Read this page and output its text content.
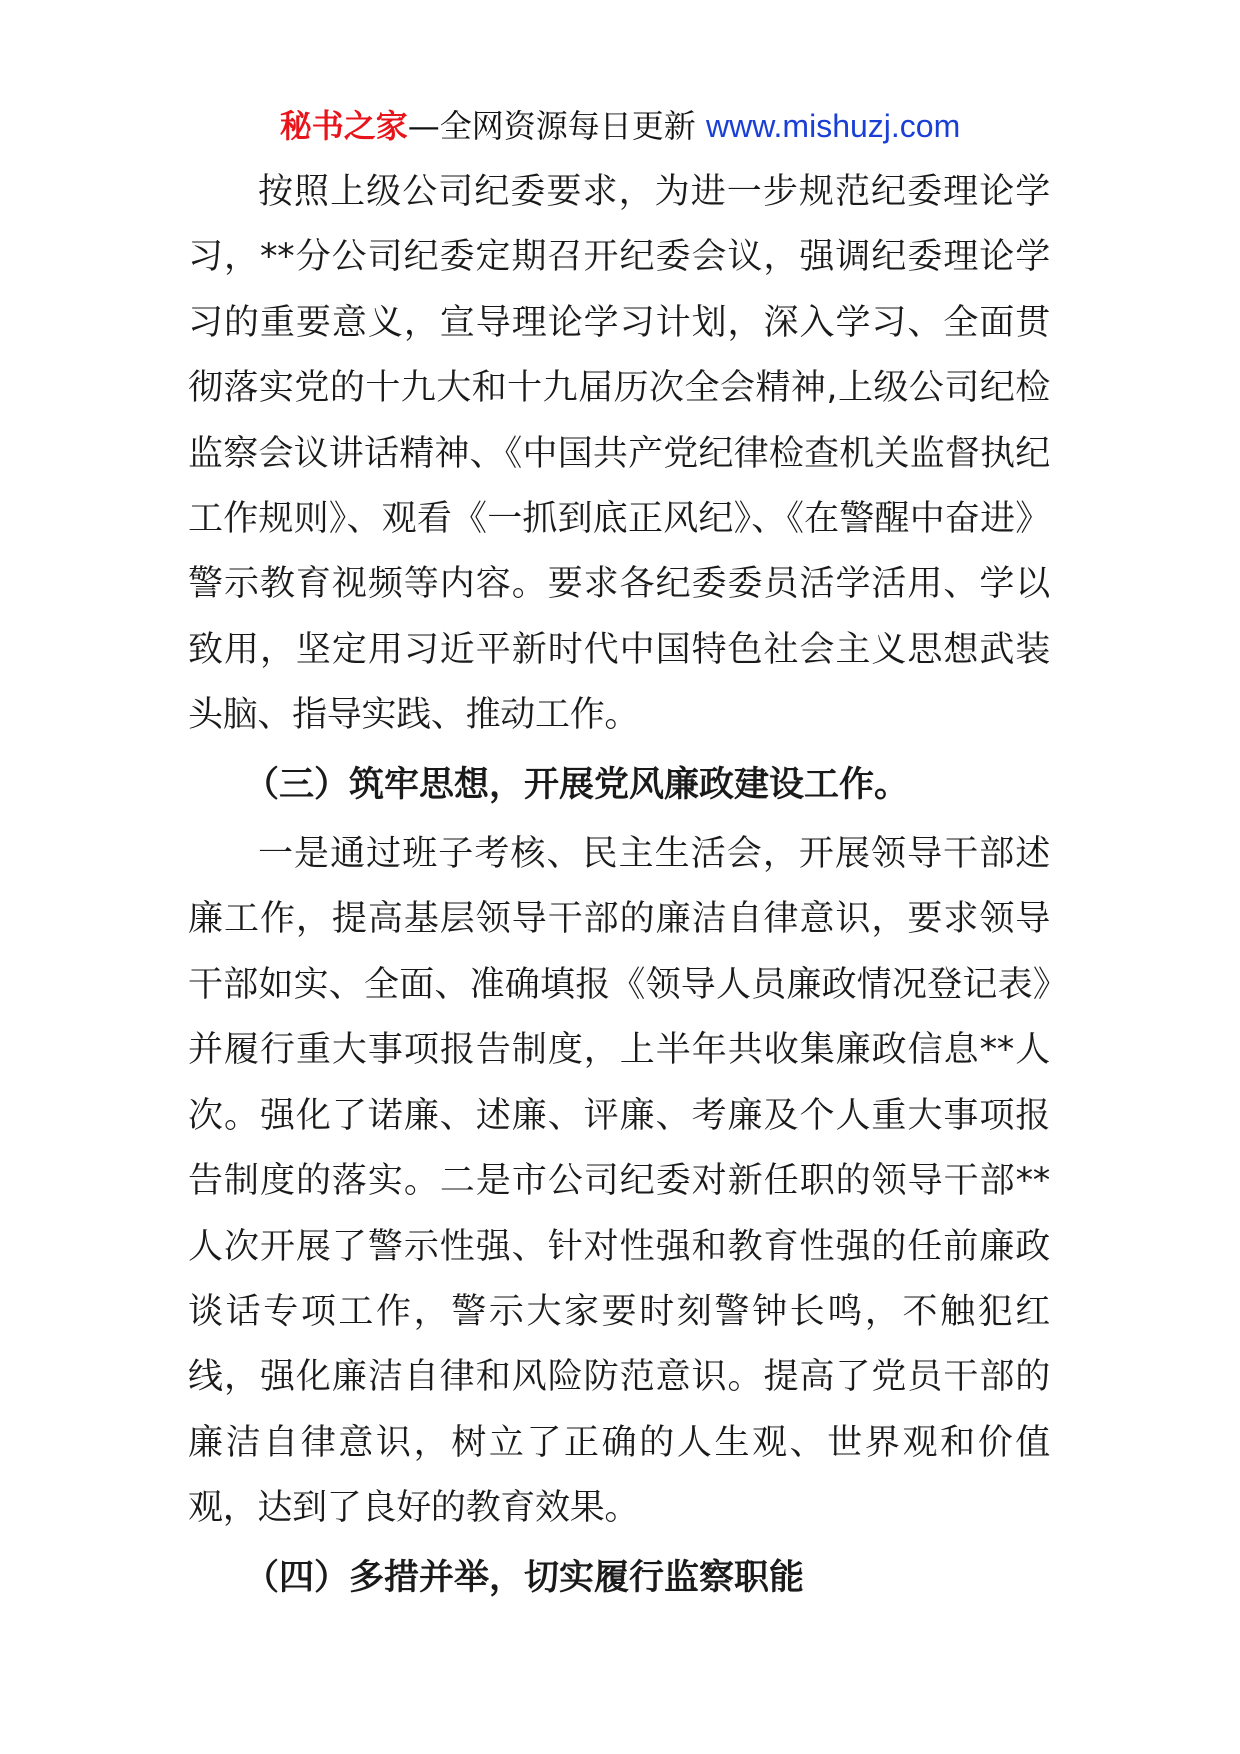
秘书之家—全网资源每日更新 www.mishuzj.com

按照上级公司纪委要求，为进一步规范纪委理论学习，**分公司纪委定期召开纪委会议，强调纪委理论学习的重要意义，宣导理论学习计划，深入学习、全面贯彻落实党的十九大和十九届历次全会精神,上级公司纪检监察会议讲话精神、《中国共产党纪律检查机关监督执纪工作规则》、观看《一抓到底正风纪》、《在警醒中奋进》警示教育视频等内容。要求各纪委委员活学活用、学以致用，坚定用习近平新时代中国特色社会主义思想武装头脑、指导实践、推动工作。

（三）筑牢思想，开展党风廉政建设工作。

一是通过班子考核、民主生活会，开展领导干部述廉工作，提高基层领导干部的廉洁自律意识，要求领导干部如实、全面、准确填报《领导人员廉政情况登记表》并履行重大事项报告制度，上半年共收集廉政信息**人次。强化了诺廉、述廉、评廉、考廉及个人重大事项报告制度的落实。二是市公司纪委对新任职的领导干部**人次开展了警示性强、针对性强和教育性强的任前廉政谈话专项工作，警示大家要时刻警钟长鸣，不触犯红线，强化廉洁自律和风险防范意识。提高了党员干部的廉洁自律意识，树立了正确的人生观、世界观和价值观，达到了良好的教育效果。

（四）多措并举，切实履行监察职能
